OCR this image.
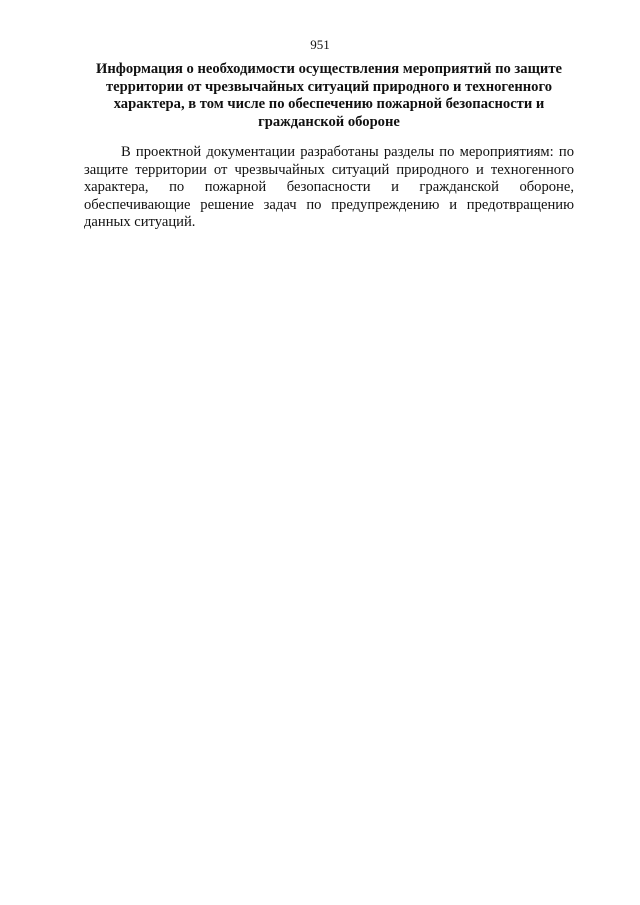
951
Информация о необходимости осуществления мероприятий по защите территории от чрезвычайных ситуаций природного и техногенного характера, в том числе по обеспечению пожарной безопасности и гражданской обороне

В проектной документации разработаны разделы по мероприятиям: по защите территории от чрезвычайных ситуаций природного и техногенного характера, по пожарной безопасности и гражданской обороне, обеспечивающие решение задач по предупреждению и предотвращению данных ситуаций.
